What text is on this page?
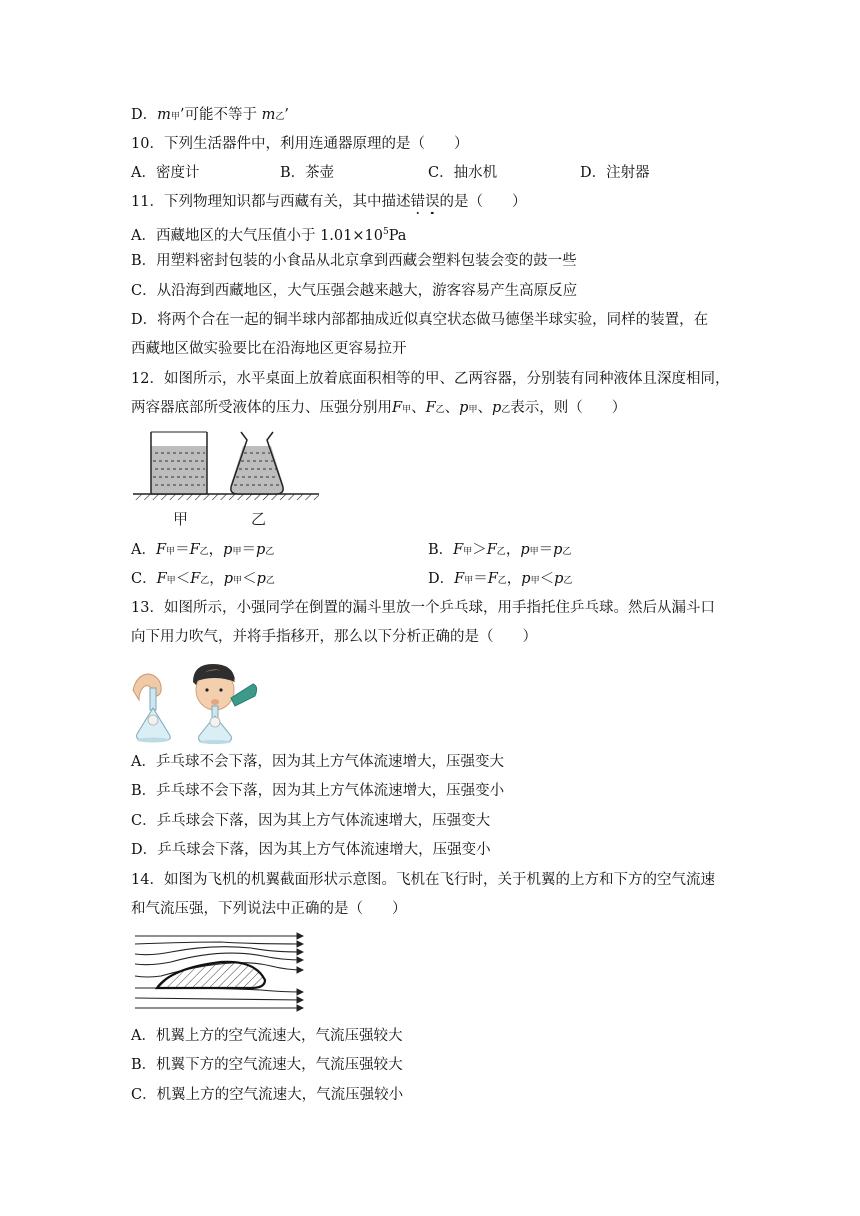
D．m甲’可能不等于 m乙’
10．下列生活器件中，利用连通器原理的是（　　）
A．密度计	B．茶壶	C．抽水机	D．注射器
11．下列物理知识都与西藏有关，其中描述错误的是（　　）
A．西藏地区的大气压值小于 $1.01\times 10^5Pa$
B．用塑料密封包装的小食品从北京拿到西藏会塑料包装会变的鼓一些
C．从沿海到西藏地区，大气压强会越来越大，游客容易产生高原反应
D．将两个合在一起的铜半球内部都抽成近似真空状态做马德堡半球实验，同样的装置，在
西藏地区做实验要比在沿海地区更容易拉开
12．如图所示，水平桌面上放着底面积相等的甲、乙两容器，分别装有同种液体且深度相同，
两容器底部所受液体的压力、压强分别用F甲、F乙、p甲、p乙表示，则（　　）
甲	乙
A．F甲＝F乙，p甲＝p乙	B．F甲＞F乙，p甲＝p乙
C．F甲＜F乙，p甲＜p乙	D．F甲＝F乙，p甲＜p乙
13．如图所示，小强同学在倒置的漏斗里放一个乒乓球，用手指托住乒乓球。然后从漏斗口
向下用力吹气，并将手指移开，那么以下分析正确的是（　　）
A．乒乓球不会下落，因为其上方气体流速增大，压强变大
B．乒乓球不会下落，因为其上方气体流速增大，压强变小
C．乒乓球会下落，因为其上方气体流速增大，压强变大
D．乒乓球会下落，因为其上方气体流速增大，压强变小
14．如图为飞机的机翼截面形状示意图。飞机在飞行时，关于机翼的上方和下方的空气流速
和气流压强，下列说法中正确的是（　　）
A．机翼上方的空气流速大，气流压强较大
B．机翼下方的空气流速大，气流压强较大
C．机翼上方的空气流速大，气流压强较小
